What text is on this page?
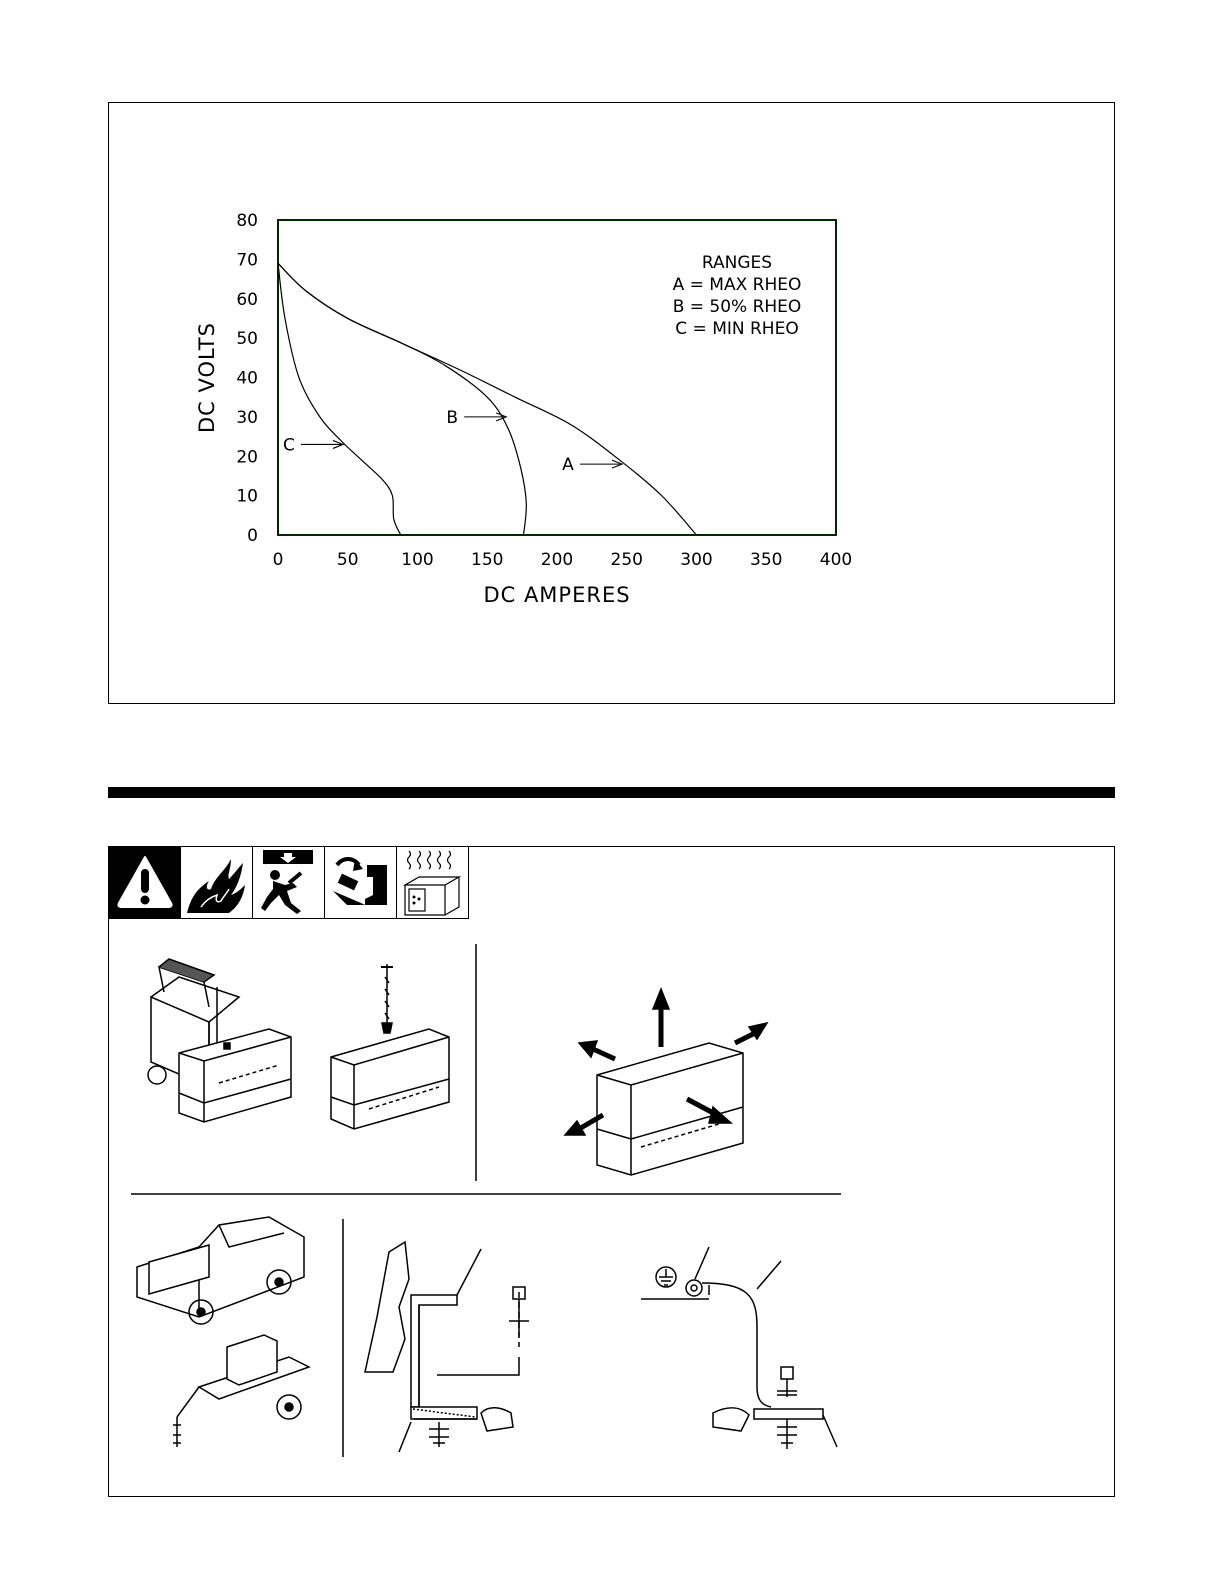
0	50	100 150 200 250 300 350 400
0
10
20
30
40
50
60
70
80
DC AMPERES
DC VOLTS
RANGES
A = MAX RHEO
B = 50% RHEO
C = MIN RHEO
A
B
C
